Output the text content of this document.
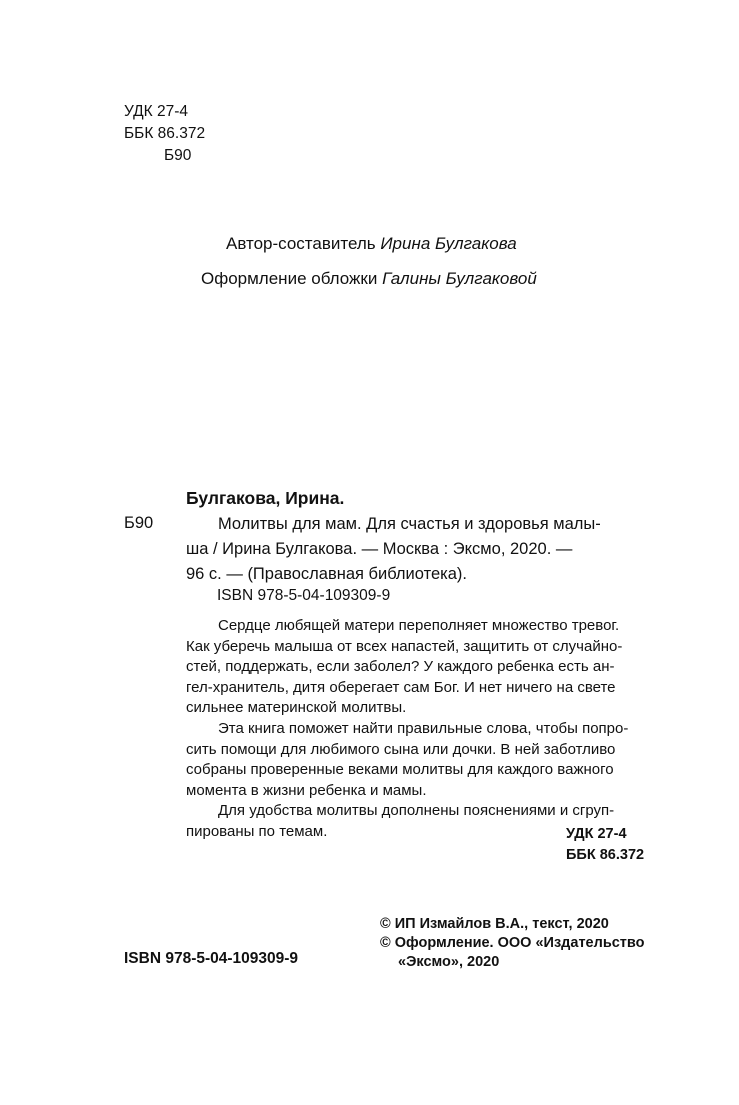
УДК 27-4
ББК 86.372
Б90
Автор-составитель Ирина Булгакова
Оформление обложки Галины Булгаковой
Булгакова, Ирина.
Б90	Молитвы для мам. Для счастья и здоровья малы-
ша / Ирина Булгакова. — Москва : Эксмо, 2020. —
96 с. — (Православная библиотека).
ISBN 978-5-04-109309-9
Сердце любящей матери переполняет множество тревог.
Как уберечь малыша от всех напастей, защитить от случайно-
стей, поддержать, если заболел? У каждого ребенка есть ан-
гел-хранитель, дитя оберегает сам Бог. И нет ничего на свете
сильнее материнской молитвы.
Эта книга поможет найти правильные слова, чтобы попро-
сить помощи для любимого сына или дочки. В ней заботливо
собраны проверенные веками молитвы для каждого важного
момента в жизни ребенка и мамы.
Для удобства молитвы дополнены пояснениями и сгруп-
пированы по темам.	УДК 27-4
ББК 86.372
© ИП Измайлов В.А., текст, 2020
© Оформление. ООО «Издательство
«Эксмо», 2020
ISBN 978-5-04-109309-9
